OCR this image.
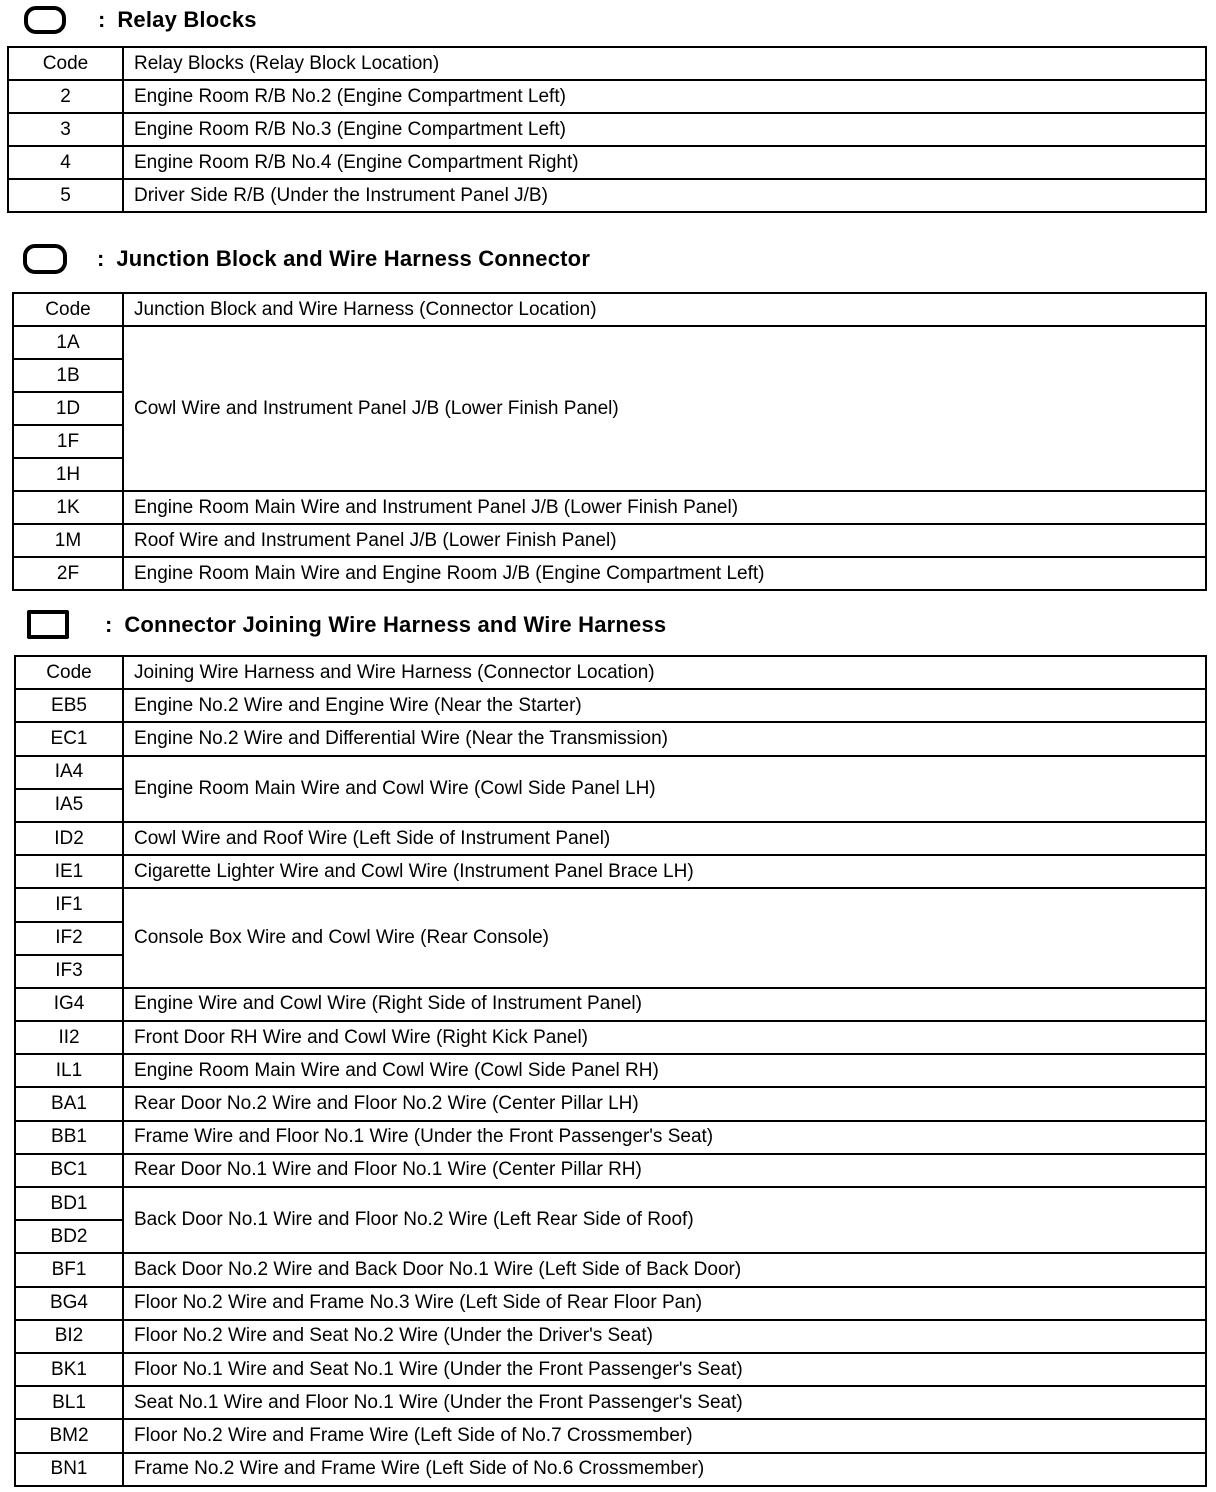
: Relay Blocks
Code	Relay Blocks (Relay Block Location)
2	Engine Room R/B No.2 (Engine Compartment Left)
3	Engine Room R/B No.3 (Engine Compartment Left)
4	Engine Room R/B No.4 (Engine Compartment Right)
5	Driver Side R/B (Under the Instrument Panel J/B)
: Junction Block and Wire Harness Connector
Code	Junction Block and Wire Harness (Connector Location)
1A	Cowl Wire and Instrument Panel J/B (Lower Finish Panel)
1B	
1D	
1F	
1H	
1K	Engine Room Main Wire and Instrument Panel J/B (Lower Finish Panel)
1M	Roof Wire and Instrument Panel J/B (Lower Finish Panel)
2F	Engine Room Main Wire and Engine Room J/B (Engine Compartment Left)
: Connector Joining Wire Harness and Wire Harness
Code	Joining Wire Harness and Wire Harness (Connector Location)
EB5	Engine No.2 Wire and Engine Wire (Near the Starter)
EC1	Engine No.2 Wire and Differential Wire (Near the Transmission)
IA4	Engine Room Main Wire and Cowl Wire (Cowl Side Panel LH)
IA5	
ID2	Cowl Wire and Roof Wire (Left Side of Instrument Panel)
IE1	Cigarette Lighter Wire and Cowl Wire (Instrument Panel Brace LH)
IF1	Console Box Wire and Cowl Wire (Rear Console)
IF2	
IF3	
IG4	Engine Wire and Cowl Wire (Right Side of Instrument Panel)
II2	Front Door RH Wire and Cowl Wire (Right Kick Panel)
IL1	Engine Room Main Wire and Cowl Wire (Cowl Side Panel RH)
BA1	Rear Door No.2 Wire and Floor No.2 Wire (Center Pillar LH)
BB1	Frame Wire and Floor No.1 Wire (Under the Front Passenger's Seat)
BC1	Rear Door No.1 Wire and Floor No.1 Wire (Center Pillar RH)
BD1	Back Door No.1 Wire and Floor No.2 Wire (Left Rear Side of Roof)
BD2	
BF1	Back Door No.2 Wire and Back Door No.1 Wire (Left Side of Back Door)
BG4	Floor No.2 Wire and Frame No.3 Wire (Left Side of Rear Floor Pan)
BI2	Floor No.2 Wire and Seat No.2 Wire (Under the Driver's Seat)
BK1	Floor No.1 Wire and Seat No.1 Wire (Under the Front Passenger's Seat)
BL1	Seat No.1 Wire and Floor No.1 Wire (Under the Front Passenger's Seat)
BM2	Floor No.2 Wire and Frame Wire (Left Side of No.7 Crossmember)
BN1	Frame No.2 Wire and Frame Wire (Left Side of No.6 Crossmember)
